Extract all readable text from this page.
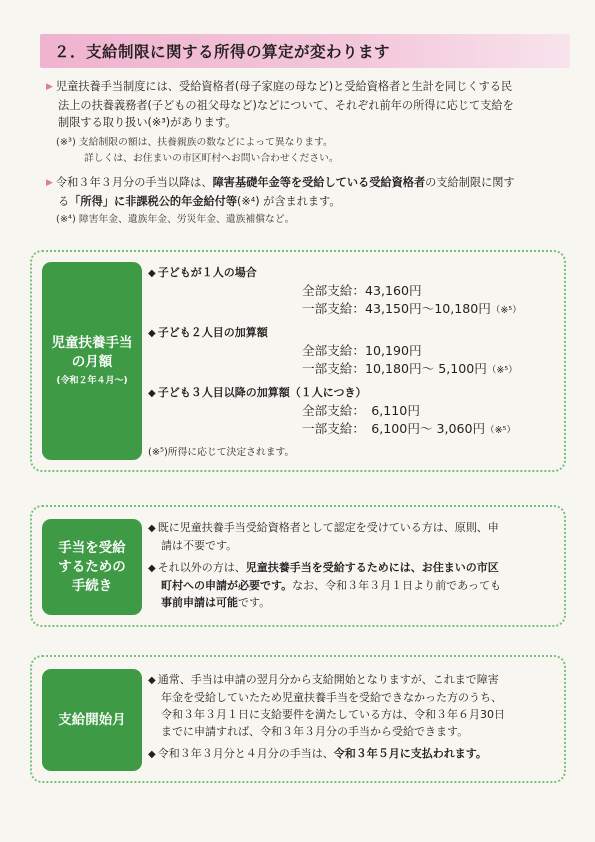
２．支給制限に関する所得の算定が変わります
▶ 児童扶養手当制度には、受給資格者(母子家庭の母など)と受給資格者と生計を同じくする民
法上の扶養義務者(子どもの祖父母など)などについて、それぞれ前年の所得に応じて支給を
制限する取り扱い(※³)があります。
(※³) 支給制限の額は、扶養親族の数などによって異なります。
詳しくは、お住まいの市区町村へお問い合わせください。
▶ 令和３年３月分の手当以降は、障害基礎年金等を受給している受給資格者の支給制限に関す
る「所得」に非課税公的年金給付等(※⁴) が含まれます。
(※⁴) 障害年金、遺族年金、労災年金、遺族補償など。
児童扶養手当
の月額
(令和２年４月～)
◆ 子どもが１人の場合
全部支給：43,160円
一部支給：43,150円～10,180円（※⁵）
◆ 子ども２人目の加算額
全部支給：10,190円
一部支給：10,180円～ 5,100円（※⁵）
◆ 子ども３人目以降の加算額（１人につき）
全部支給：　6,110円
一部支給：　6,100円～ 3,060円（※⁵）
(※⁵)所得に応じて決定されます。
手当を受給
するための
手続き
◆ 既に児童扶養手当受給資格者として認定を受けている方は、原則、申
請は不要です。
◆ それ以外の方は、児童扶養手当を受給するためには、お住まいの市区
町村への申請が必要です。なお、令和３年３月１日より前であっても
事前申請は可能です。
支給開始月
◆ 通常、手当は申請の翌月分から支給開始となりますが、これまで障害
年金を受給していたため児童扶養手当を受給できなかった方のうち、
令和３年３月１日に支給要件を満たしている方は、令和３年６月30日
までに申請すれば、令和３年３月分の手当から受給できます。
◆ 令和３年３月分と４月分の手当は、令和３年５月に支払われます。
